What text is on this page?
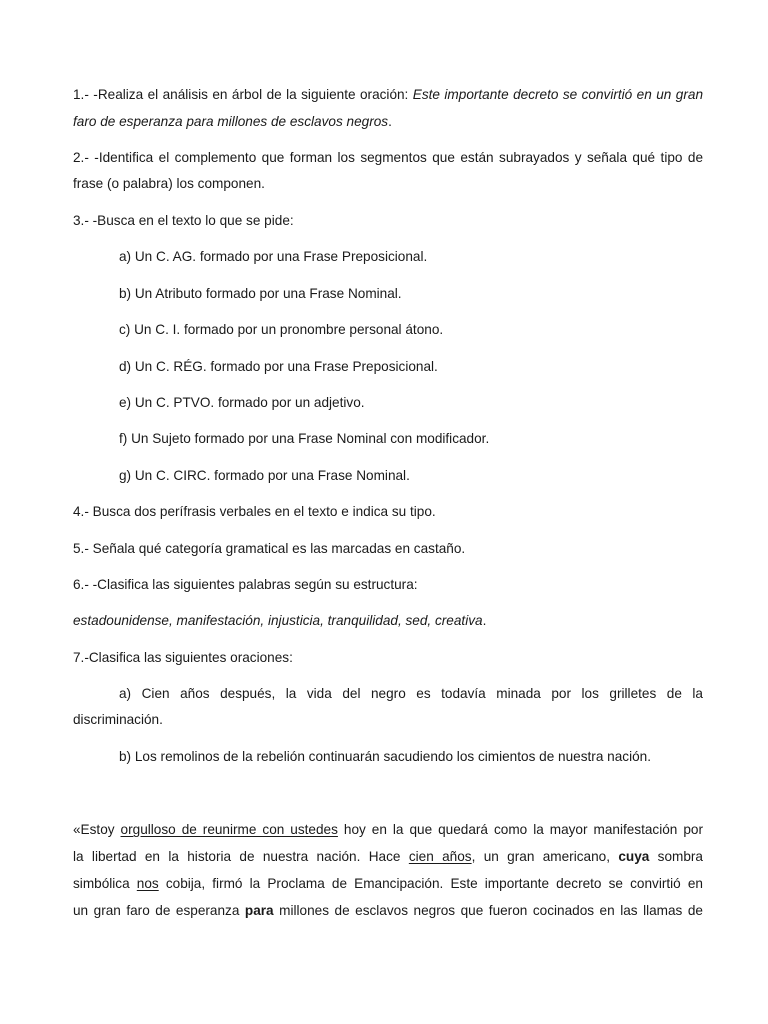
1.- -Realiza el análisis en árbol de la siguiente oración: Este importante decreto se convirtió en un gran faro de esperanza para millones de esclavos negros.

2.- -Identifica el complemento que forman los segmentos que están subrayados y señala qué tipo de

frase (o palabra) los componen.

3.- -Busca en el texto lo que se pide:

a) Un C. AG. formado por una Frase Preposicional.

b) Un Atributo formado por una Frase Nominal.

c) Un C. I. formado por un pronombre personal átono.

d) Un C. RÉG. formado por una Frase Preposicional.

e) Un C. PTVO. formado por un adjetivo.

f) Un Sujeto formado por una Frase Nominal con modificador.

g) Un C. CIRC. formado por una Frase Nominal.

4.- Busca dos perífrasis verbales en el texto e indica su tipo.

5.- Señala qué categoría gramatical es las marcadas en castaño.

6.- -Clasifica las siguientes palabras según su estructura:

estadounidense, manifestación, injusticia, tranquilidad, sed, creativa.

7.-Clasifica las siguientes oraciones:

a) Cien años después, la vida del negro es todavía minada por los grilletes de la

discriminación.

b) Los remolinos de la rebelión continuarán sacudiendo los cimientos de nuestra nación.

«Estoy orgulloso de reunirme con ustedes hoy en la que quedará como la mayor manifestación por

la libertad en la historia de nuestra nación. Hace cien años, un gran americano, cuya sombra

simbólica nos cobija, firmó la Proclama de Emancipación. Este importante decreto se convirtió en

un gran faro de esperanza para millones de esclavos negros que fueron cocinados en las llamas de
